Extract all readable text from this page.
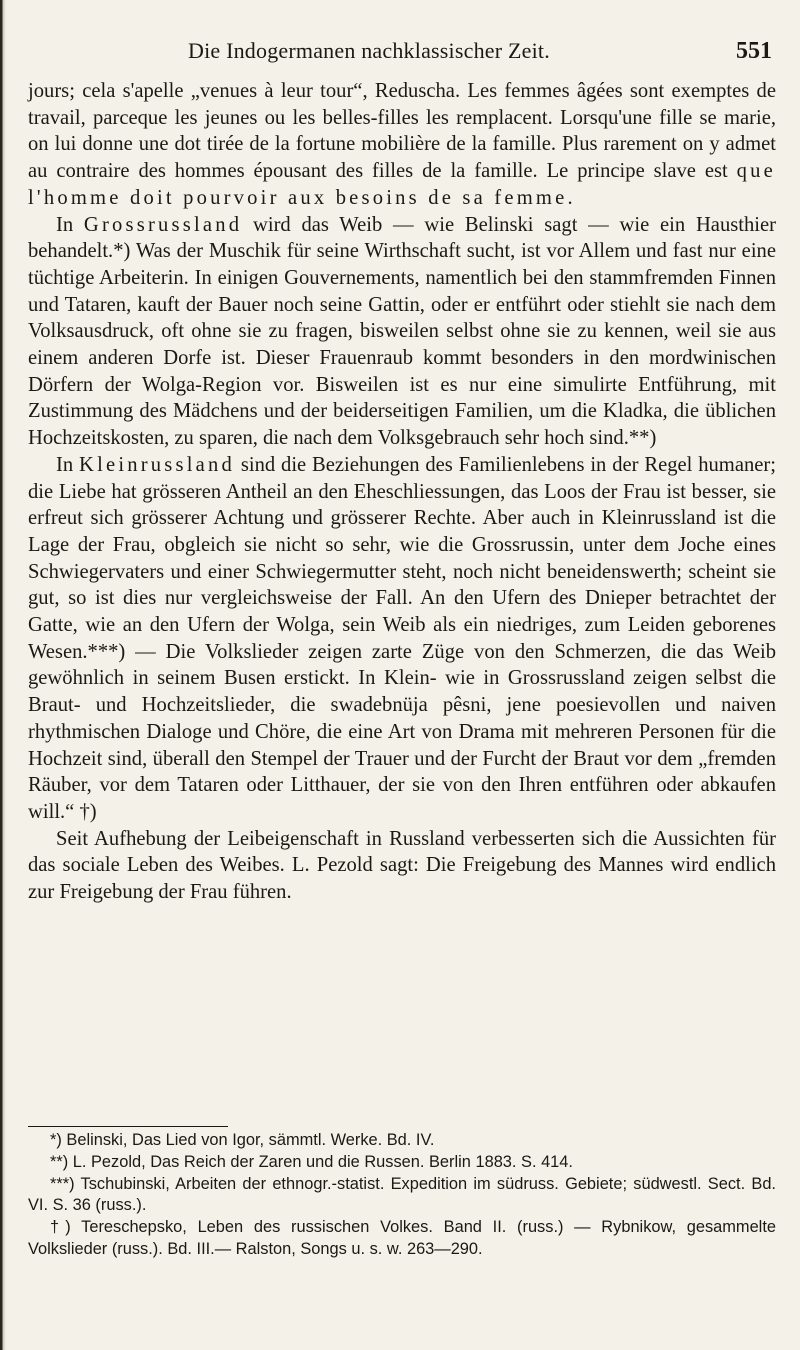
Die Indogermanen nachklassischer Zeit.	551

jours; cela s'apelle „venues à leur tour“, Reduscha. Les femmes âgées sont exemptes de travail, parceque les jeunes ou les belles-filles les remplacent. Lorsqu'une fille se marie, on lui donne une dot tirée de la fortune mobilière de la famille. Plus rarement on y admet au contraire des hommes épousant des filles de la famille. Le principe slave est que l'homme doit pourvoir aux besoins de sa femme.

In Grossrussland wird das Weib — wie Belinski sagt — wie ein Hausthier behandelt.*) Was der Muschik für seine Wirthschaft sucht, ist vor Allem und fast nur eine tüchtige Arbeiterin. In einigen Gouvernements, namentlich bei den stammfremden Finnen und Tataren, kauft der Bauer noch seine Gattin, oder er entführt oder stiehlt sie nach dem Volksausdruck, oft ohne sie zu fragen, bisweilen selbst ohne sie zu kennen, weil sie aus einem anderen Dorfe ist. Dieser Frauenraub kommt besonders in den mordwinischen Dörfern der Wolga-Region vor. Bisweilen ist es nur eine simulirte Entführung, mit Zustimmung des Mädchens und der beiderseitigen Familien, um die Kladka, die üblichen Hochzeitskosten, zu sparen, die nach dem Volksgebrauch sehr hoch sind.**)

In Kleinrussland sind die Beziehungen des Familienlebens in der Regel humaner; die Liebe hat grösseren Antheil an den Eheschliessungen, das Loos der Frau ist besser, sie erfreut sich grösserer Achtung und grösserer Rechte. Aber auch in Kleinrussland ist die Lage der Frau, obgleich sie nicht so sehr, wie die Grossrussin, unter dem Joche eines Schwiegervaters und einer Schwiegermutter steht, noch nicht beneidenswerth; scheint sie gut, so ist dies nur vergleichsweise der Fall. An den Ufern des Dnieper betrachtet der Gatte, wie an den Ufern der Wolga, sein Weib als ein niedriges, zum Leiden geborenes Wesen.***) — Die Volkslieder zeigen zarte Züge von den Schmerzen, die das Weib gewöhnlich in seinem Busen erstickt. In Klein- wie in Grossrussland zeigen selbst die Braut- und Hochzeitslieder, die swadebnüja pêsni, jene poesievollen und naiven rhythmischen Dialoge und Chöre, die eine Art von Drama mit mehreren Personen für die Hochzeit sind, überall den Stempel der Trauer und der Furcht der Braut vor dem „fremden Räuber, vor dem Tataren oder Litthauer, der sie von den Ihren entführen oder abkaufen will.“ †)

Seit Aufhebung der Leibeigenschaft in Russland verbesserten sich die Aussichten für das sociale Leben des Weibes. L. Pezold sagt: Die Freigebung des Mannes wird endlich zur Freigebung der Frau führen.

*) Belinski, Das Lied von Igor, sämmtl. Werke. Bd. IV.

**) L. Pezold, Das Reich der Zaren und die Russen. Berlin 1883. S. 414.

***) Tschubinski, Arbeiten der ethnogr.-statist. Expedition im südruss. Gebiete; südwestl. Sect. Bd. VI. S. 36 (russ.).

†) Tereschepsko, Leben des russischen Volkes. Band II. (russ.) — Rybnikow, gesammelte Volkslieder (russ.). Bd. III.— Ralston, Songs u. s. w. 263—290.
